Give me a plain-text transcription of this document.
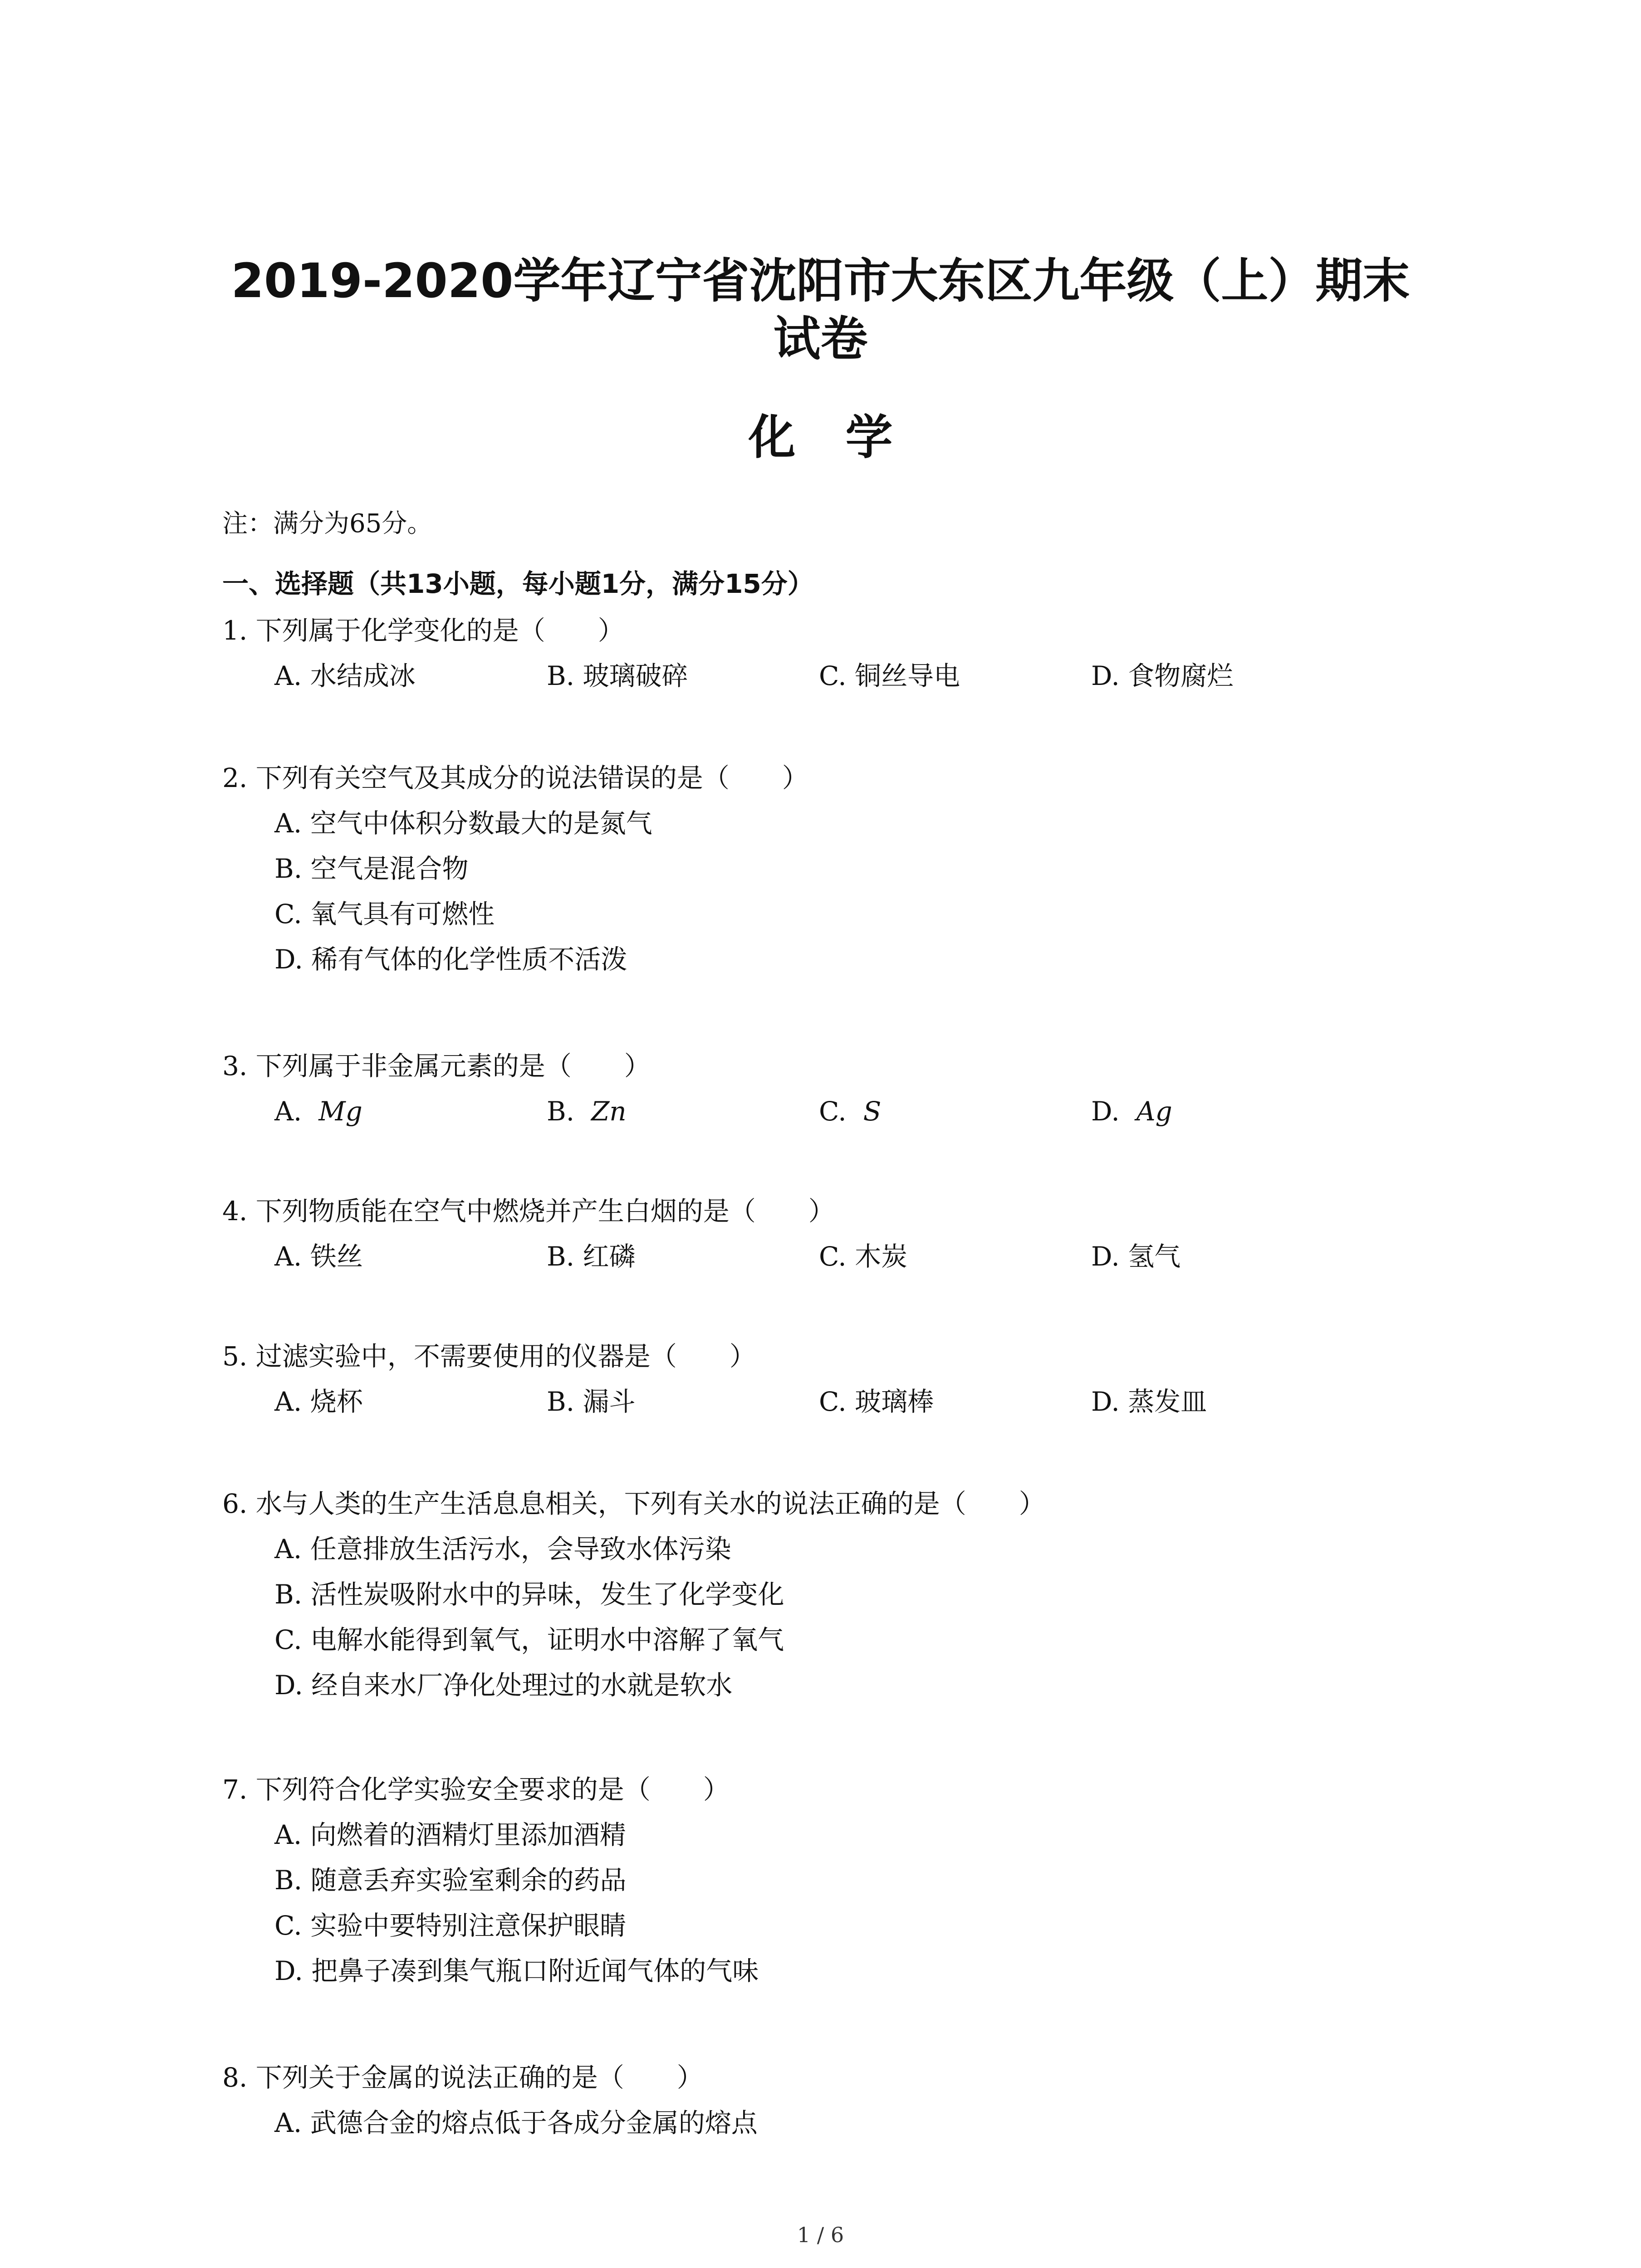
2019-2020学年辽宁省沈阳市大东区九年级（上）期末
试卷
化学
注：满分为65分。
一、选择题（共13小题，每小题1分，满分15分）
1. 下列属于化学变化的是（　　）
A. 水结成冰	B. 玻璃破碎	C. 铜丝导电	D. 食物腐烂
2. 下列有关空气及其成分的说法错误的是（　　）
A. 空气中体积分数最大的是氮气
B. 空气是混合物
C. 氧气具有可燃性
D. 稀有气体的化学性质不活泼
3. 下列属于非金属元素的是（　　）
A.  Mg	B.  Zn	C.  S	D.  Ag
4. 下列物质能在空气中燃烧并产生白烟的是（　　）
A. 铁丝	B. 红磷	C. 木炭	D. 氢气
5. 过滤实验中，不需要使用的仪器是（　　）
A. 烧杯	B. 漏斗	C. 玻璃棒	D. 蒸发皿
6. 水与人类的生产生活息息相关，下列有关水的说法正确的是（　　）
A. 任意排放生活污水，会导致水体污染
B. 活性炭吸附水中的异味，发生了化学变化
C. 电解水能得到氧气，证明水中溶解了氧气
D. 经自来水厂净化处理过的水就是软水
7. 下列符合化学实验安全要求的是（　　）
A. 向燃着的酒精灯里添加酒精
B. 随意丢弃实验室剩余的药品
C. 实验中要特别注意保护眼睛
D. 把鼻子凑到集气瓶口附近闻气体的气味
8. 下列关于金属的说法正确的是（　　）
A. 武德合金的熔点低于各成分金属的熔点
1 / 6
